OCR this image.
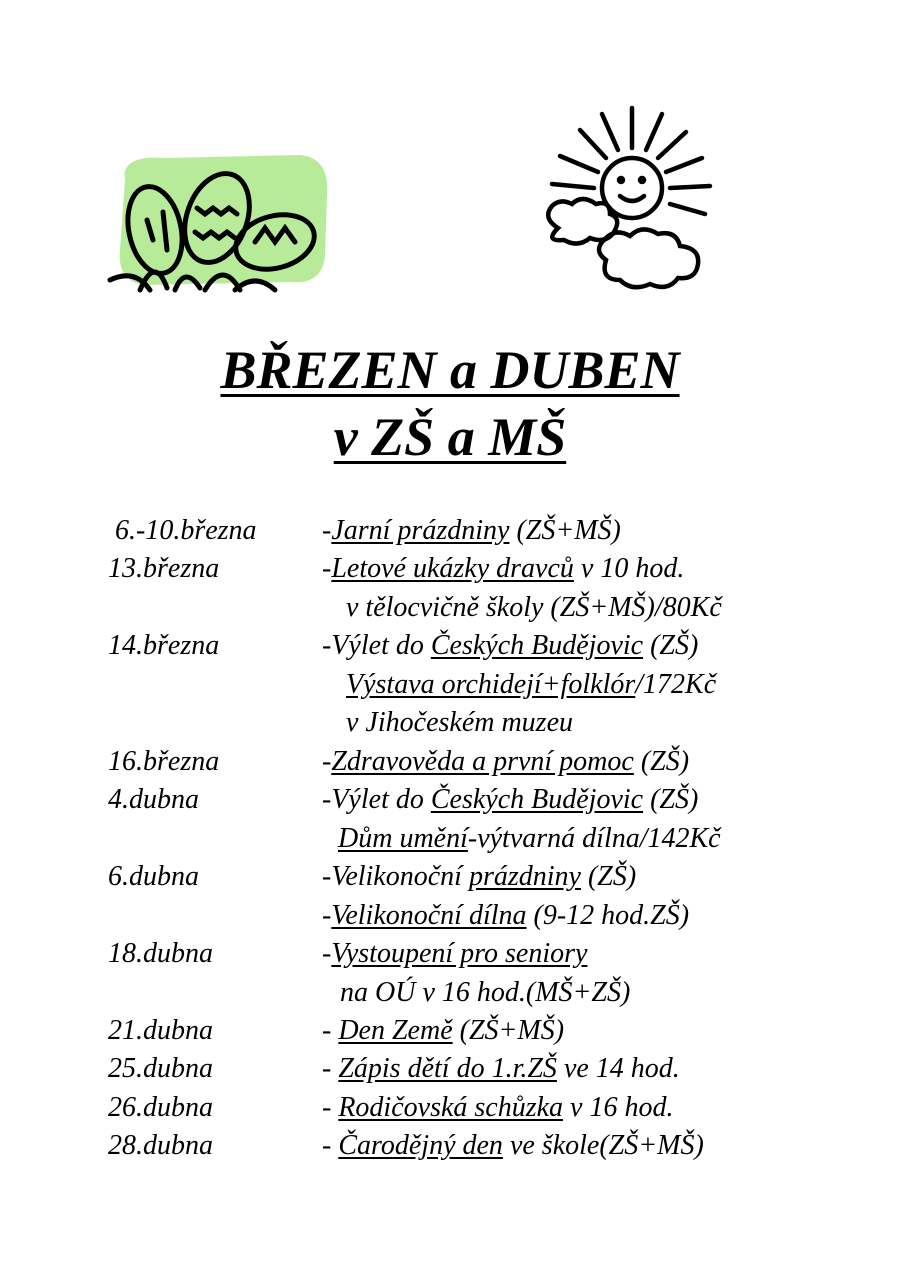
BŘEZEN a DUBEN
v ZŠ a MŠ
6.-10.března -Jarní prázdniny (ZŠ+MŠ)
13.března	-Letové ukázky dravců v 10 hod.
v tělocvičně školy (ZŠ+MŠ)/80Kč
14.března	-Výlet do Českých Budějovic (ZŠ)
Výstava orchidejí+folklór/172Kč
v Jihočeském muzeu
16.března	-Zdravověda a první pomoc (ZŠ)
4.dubna	-Výlet do Českých Budějovic (ZŠ)
Dům umění-výtvarná dílna/142Kč
6.dubna	-Velikonoční prázdniny (ZŠ)
-Velikonoční dílna (9-12 hod.ZŠ)
18.dubna	-Vystoupení pro seniory
na OÚ v 16 hod.(MŠ+ZŠ)
21.dubna	- Den Země (ZŠ+MŠ)
25.dubna	- Zápis dětí do 1.r.ZŠ ve 14 hod.
26.dubna	- Rodičovská schůzka v 16 hod.
28.dubna	- Čarodějný den ve škole(ZŠ+MŠ)
